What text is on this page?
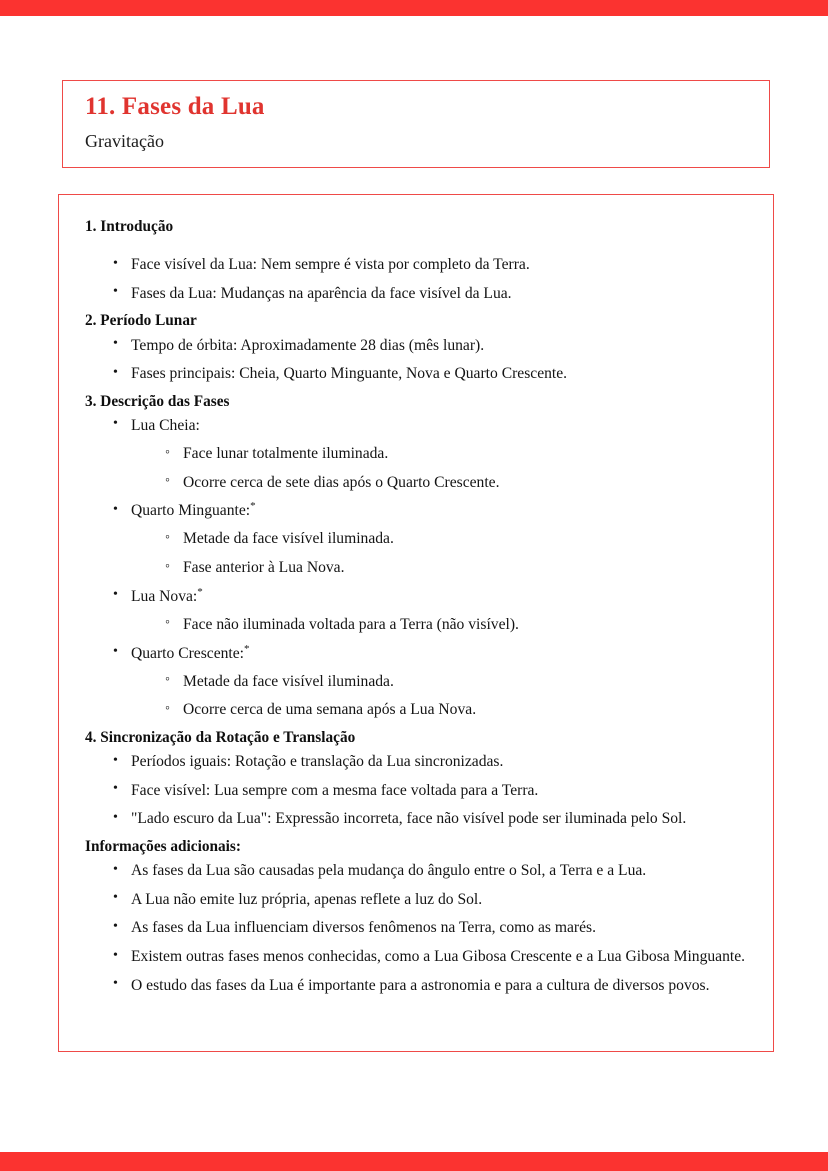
11. Fases da Lua
Gravitação
1. Introdução
• Face visível da Lua: Nem sempre é vista por completo da Terra.
• Fases da Lua: Mudanças na aparência da face visível da Lua.
2. Período Lunar
• Tempo de órbita: Aproximadamente 28 dias (mês lunar).
• Fases principais: Cheia, Quarto Minguante, Nova e Quarto Crescente.
3. Descrição das Fases
• Lua Cheia:
◦ Face lunar totalmente iluminada.
◦ Ocorre cerca de sete dias após o Quarto Crescente.
• Quarto Minguante:*
◦ Metade da face visível iluminada.
◦ Fase anterior à Lua Nova.
• Lua Nova:*
◦ Face não iluminada voltada para a Terra (não visível).
• Quarto Crescente:*
◦ Metade da face visível iluminada.
◦ Ocorre cerca de uma semana após a Lua Nova.
4. Sincronização da Rotação e Translação
• Períodos iguais: Rotação e translação da Lua sincronizadas.
• Face visível: Lua sempre com a mesma face voltada para a Terra.
• "Lado escuro da Lua": Expressão incorreta, face não visível pode ser iluminada pelo Sol.
Informações adicionais:
• As fases da Lua são causadas pela mudança do ângulo entre o Sol, a Terra e a Lua.
• A Lua não emite luz própria, apenas reflete a luz do Sol.
• As fases da Lua influenciam diversos fenômenos na Terra, como as marés.
• Existem outras fases menos conhecidas, como a Lua Gibosa Crescente e a Lua Gibosa Minguante.
• O estudo das fases da Lua é importante para a astronomia e para a cultura de diversos povos.
